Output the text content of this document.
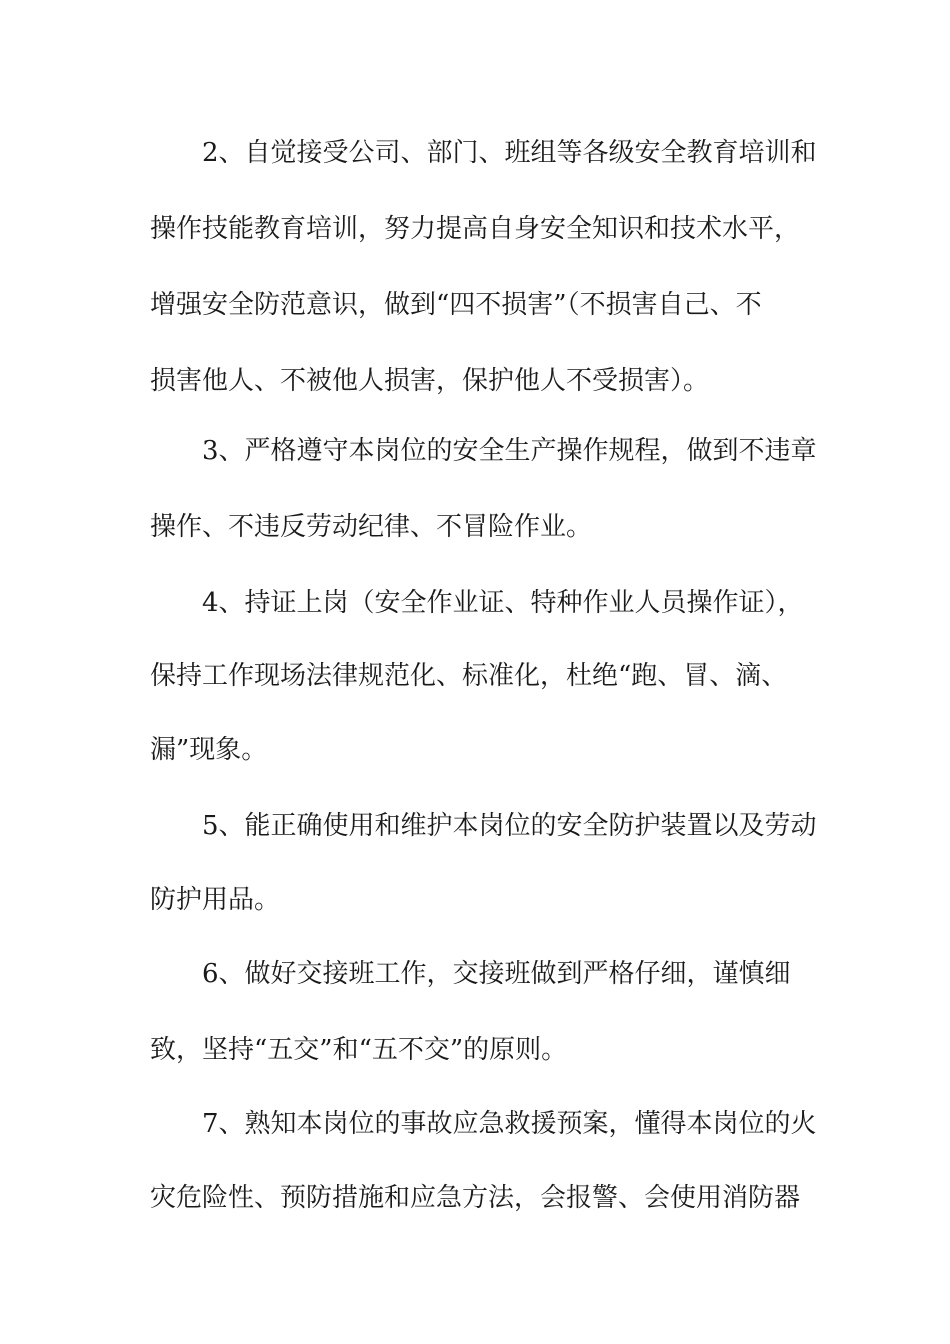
2、自觉接受公司、部门、班组等各级安全教育培训和
操作技能教育培训，努力提高自身安全知识和技术水平，
增强安全防范意识，做到“四不损害”（不损害自己、不
损害他人、不被他人损害，保护他人不受损害）。
3、严格遵守本岗位的安全生产操作规程，做到不违章
操作、不违反劳动纪律、不冒险作业。
4、持证上岗（安全作业证、特种作业人员操作证），
保持工作现场法律规范化、标准化，杜绝“跑、冒、滴、
漏”现象。
5、能正确使用和维护本岗位的安全防护装置以及劳动
防护用品。
6、做好交接班工作，交接班做到严格仔细，谨慎细
致，坚持“五交”和“五不交”的原则。
7、熟知本岗位的事故应急救援预案，懂得本岗位的火
灾危险性、预防措施和应急方法，会报警、会使用消防器
